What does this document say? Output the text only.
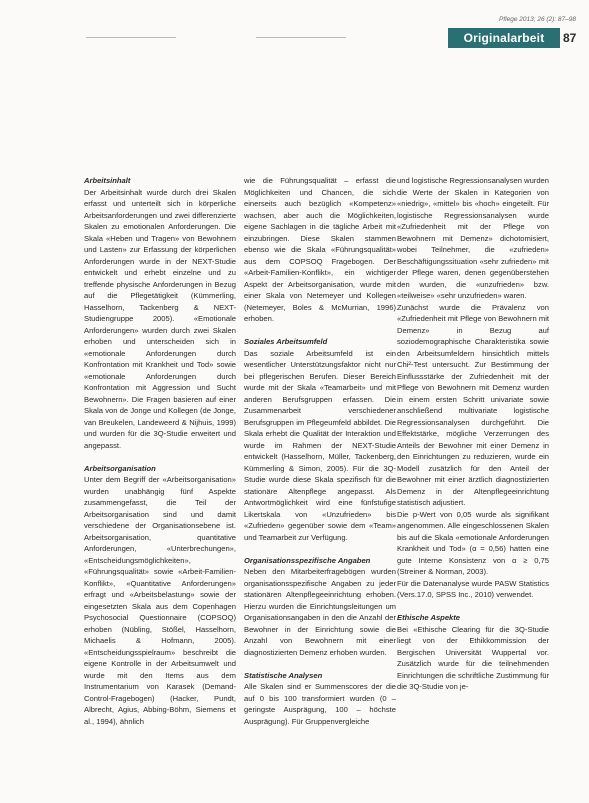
Pflege 2013; 26 (2): 87–98
Originalarbeit	87
Arbeitsinhalt

Der Arbeitsinhalt wurde durch drei Skalen erfasst und unterteilt sich in körperliche Arbeitsanforderungen und zwei differenzierte Skalen zu emotionalen Anforderungen. Die Skala «Heben und Tragen» von Bewohnern und Lasten» zur Erfassung der körperlichen Anforderungen wurde in der NEXT-Studie entwickelt und erhebt einzelne und zu treffende physische Anforderungen in Bezug auf die Pflegetätigkeit (Kümmerling, Hasselhorn, Tackenberg & NEXT-Studiengruppe 2005). «Emotionale Anforderungen» wurden durch zwei Skalen erhoben und unterscheiden sich in «emotionale Anforderungen durch Konfrontation mit Krankheit und Tod» sowie «emotionale Anforderungen durch Konfrontation mit Aggression und Sucht Bewohnern». Die Fragen basieren auf einer Skala von de Jonge und Kollegen (de Jonge, van Breukelen, Landeweerd & Nijhuis, 1999) und wurden für die 3Q-Studie erweitert und angepasst.

Arbeitsorganisation

Unter dem Begriff der «Arbeitsorganisation» wurden unabhängig fünf Aspekte zusammengefasst, die Teil der Arbeitsorganisation sind und damit verschiedene der Organisationsebene ist. Arbeitsorganisation, quantitative Anforderungen, «Unterbrechungen», «Entscheidungsmöglichkeiten», «Führungsqualität» sowie «Arbeit-Familien-Konflikt», «Quantitative Anforderungen» erfragt und «Arbeitsbelastung» sowie der eingesetzten Skala aus dem Copenhagen Psychosocial Questionnaire (COPSOQ) erhoben (Nübling, Stößel, Hasselhorn, Michaelis & Hofmann, 2005). «Entscheidungsspielraum» beschreibt die eigene Kontrolle in der Arbeitsumwelt und wurde mit den Items aus dem Instrumentarium von Karasek (Demand-Control-Fragebogen) (Hacker, Pundt, Albrecht, Agius, Abbing-Böhm, Siemens et al., 1994), ähnlich

wie die Führungsqualität – erfasst die Möglichkeiten und Chancen, die sich einerseits auch bezüglich «Kompetenz» wachsen, aber auch die Möglichkeiten, eigene Sachlagen in die tägliche Arbeit mit einzubringen. Diese Skalen stammen ebenso wie die Skala «Führungsqualität» aus dem COPSOQ Fragebogen. Der «Arbeit-Familien-Konflikt», ein wichtiger Aspekt der Arbeitsorganisation, wurde mit einer Skala von Netemeyer und Kollegen (Netemeyer, Boles & McMurrian, 1996) erhoben.

Soziales Arbeitsumfeld

Das soziale Arbeitsumfeld ist ein wesentlicher Unterstützungsfaktor nicht nur bei pflegerischen Berufen. Dieser Bereich wurde mit der Skala «Teamarbeit» und mit anderen Berufsgruppen erfassen. Die Zusammenarbeit verschiedener Berufsgruppen im Pflegeumfeld abbildet. Die Skala erhebt die Qualität der Interaktion und wurde im Rahmen der NEXT-Studie entwickelt (Hasselhorn, Müller, Tackenberg, Kümmerling & Simon, 2005). Für die 3Q-Studie wurde diese Skala spezifisch für die stationäre Altenpflege angepasst. Als Antwortmöglichkeit wird eine fünfstufige Likertskala von «Unzufrieden» bis «Zufrieden» gegenüber sowie dem «Team» und Teamarbeit zur Verfügung.

Organisationsspezifische Angaben

Neben den Mitarbeiterfragebögen wurden organisationsspezifische Angaben zu jeder stationären Altenpflegeeinrichtung erhoben. Hierzu wurden die Einrichtungsleitungen um Organisationsangaben in den die Anzahl der Bewohner in der Einrichtung sowie die Anzahl von Bewohnern mit einer diagnostizierten Demenz erhoben wurden.

Statistische Analysen

Alle Skalen sind er Summenscores der die auf 0 bis 100 transformiert wurden (0 – geringste Ausprägung, 100 – höchste Ausprägung). Für Gruppenvergleiche

und logistische Regressionsanalysen wurden die Werte der Skalen in Kategorien von «niedrig», «mittel» bis «hoch» eingeteilt. Für logistische Regressionsanalysen wurde «Zufriedenheit mit der Pflege von Bewohnern mit Demenz» dichotomisiert, wobei Teilnehmer, die «zufrieden» Beschäftigungssituation «sehr zufrieden» mit der Pflege waren, denen gegenüberstehen den wurden, die «unzufrieden» bzw. «teilweise» «sehr unzufrieden» waren.

Zunächst wurde die Prävalenz von «Zufriedenheit mit Pflege von Bewohnern mit Demenz» in Bezug auf soziodemographische Charakteristika sowie den Arbeitsumfeldern hinsichtlich mittels Chi²-Test untersucht. Zur Bestimmung der Einflussstärke der Zufriedenheit mit der Pflege von Bewohnern mit Demenz wurden in einem ersten Schritt univariate sowie anschließend multivariate logistische Regressionsanalysen durchgeführt. Die Effektstärke, mögliche Verzerrungen des Anteils der Bewohner mit einer Demenz in den Einrichtungen zu reduzieren, wurde ein Modell zusätzlich für den Anteil der Bewohner mit einer ärztlich diagnostizierten Demenz in der Altenpflegeeinrichtung statistisch adjustiert.

Die p-Wert von 0,05 wurde als signifikant angenommen. Alle eingeschlossenen Skalen bis auf die Skala «emotionale Anforderungen Krankheit und Tod» (α = 0,56) hatten eine gute Interne Konsistenz von α ≥ 0,75 (Streiner & Norman, 2003).

Für die Datenanalyse wurde PASW Statistics (Vers.17.0, SPSS Inc., 2010) verwendet.

Ethische Aspekte

Bei «Ethische Clearing für die 3Q-Studie liegt von der Ethikkommission der Bergischen Universität Wuppertal vor. Zusätzlich wurde für die teilnehmenden Einrichtungen die schriftliche Zustimmung für die 3Q-Studie von je-
